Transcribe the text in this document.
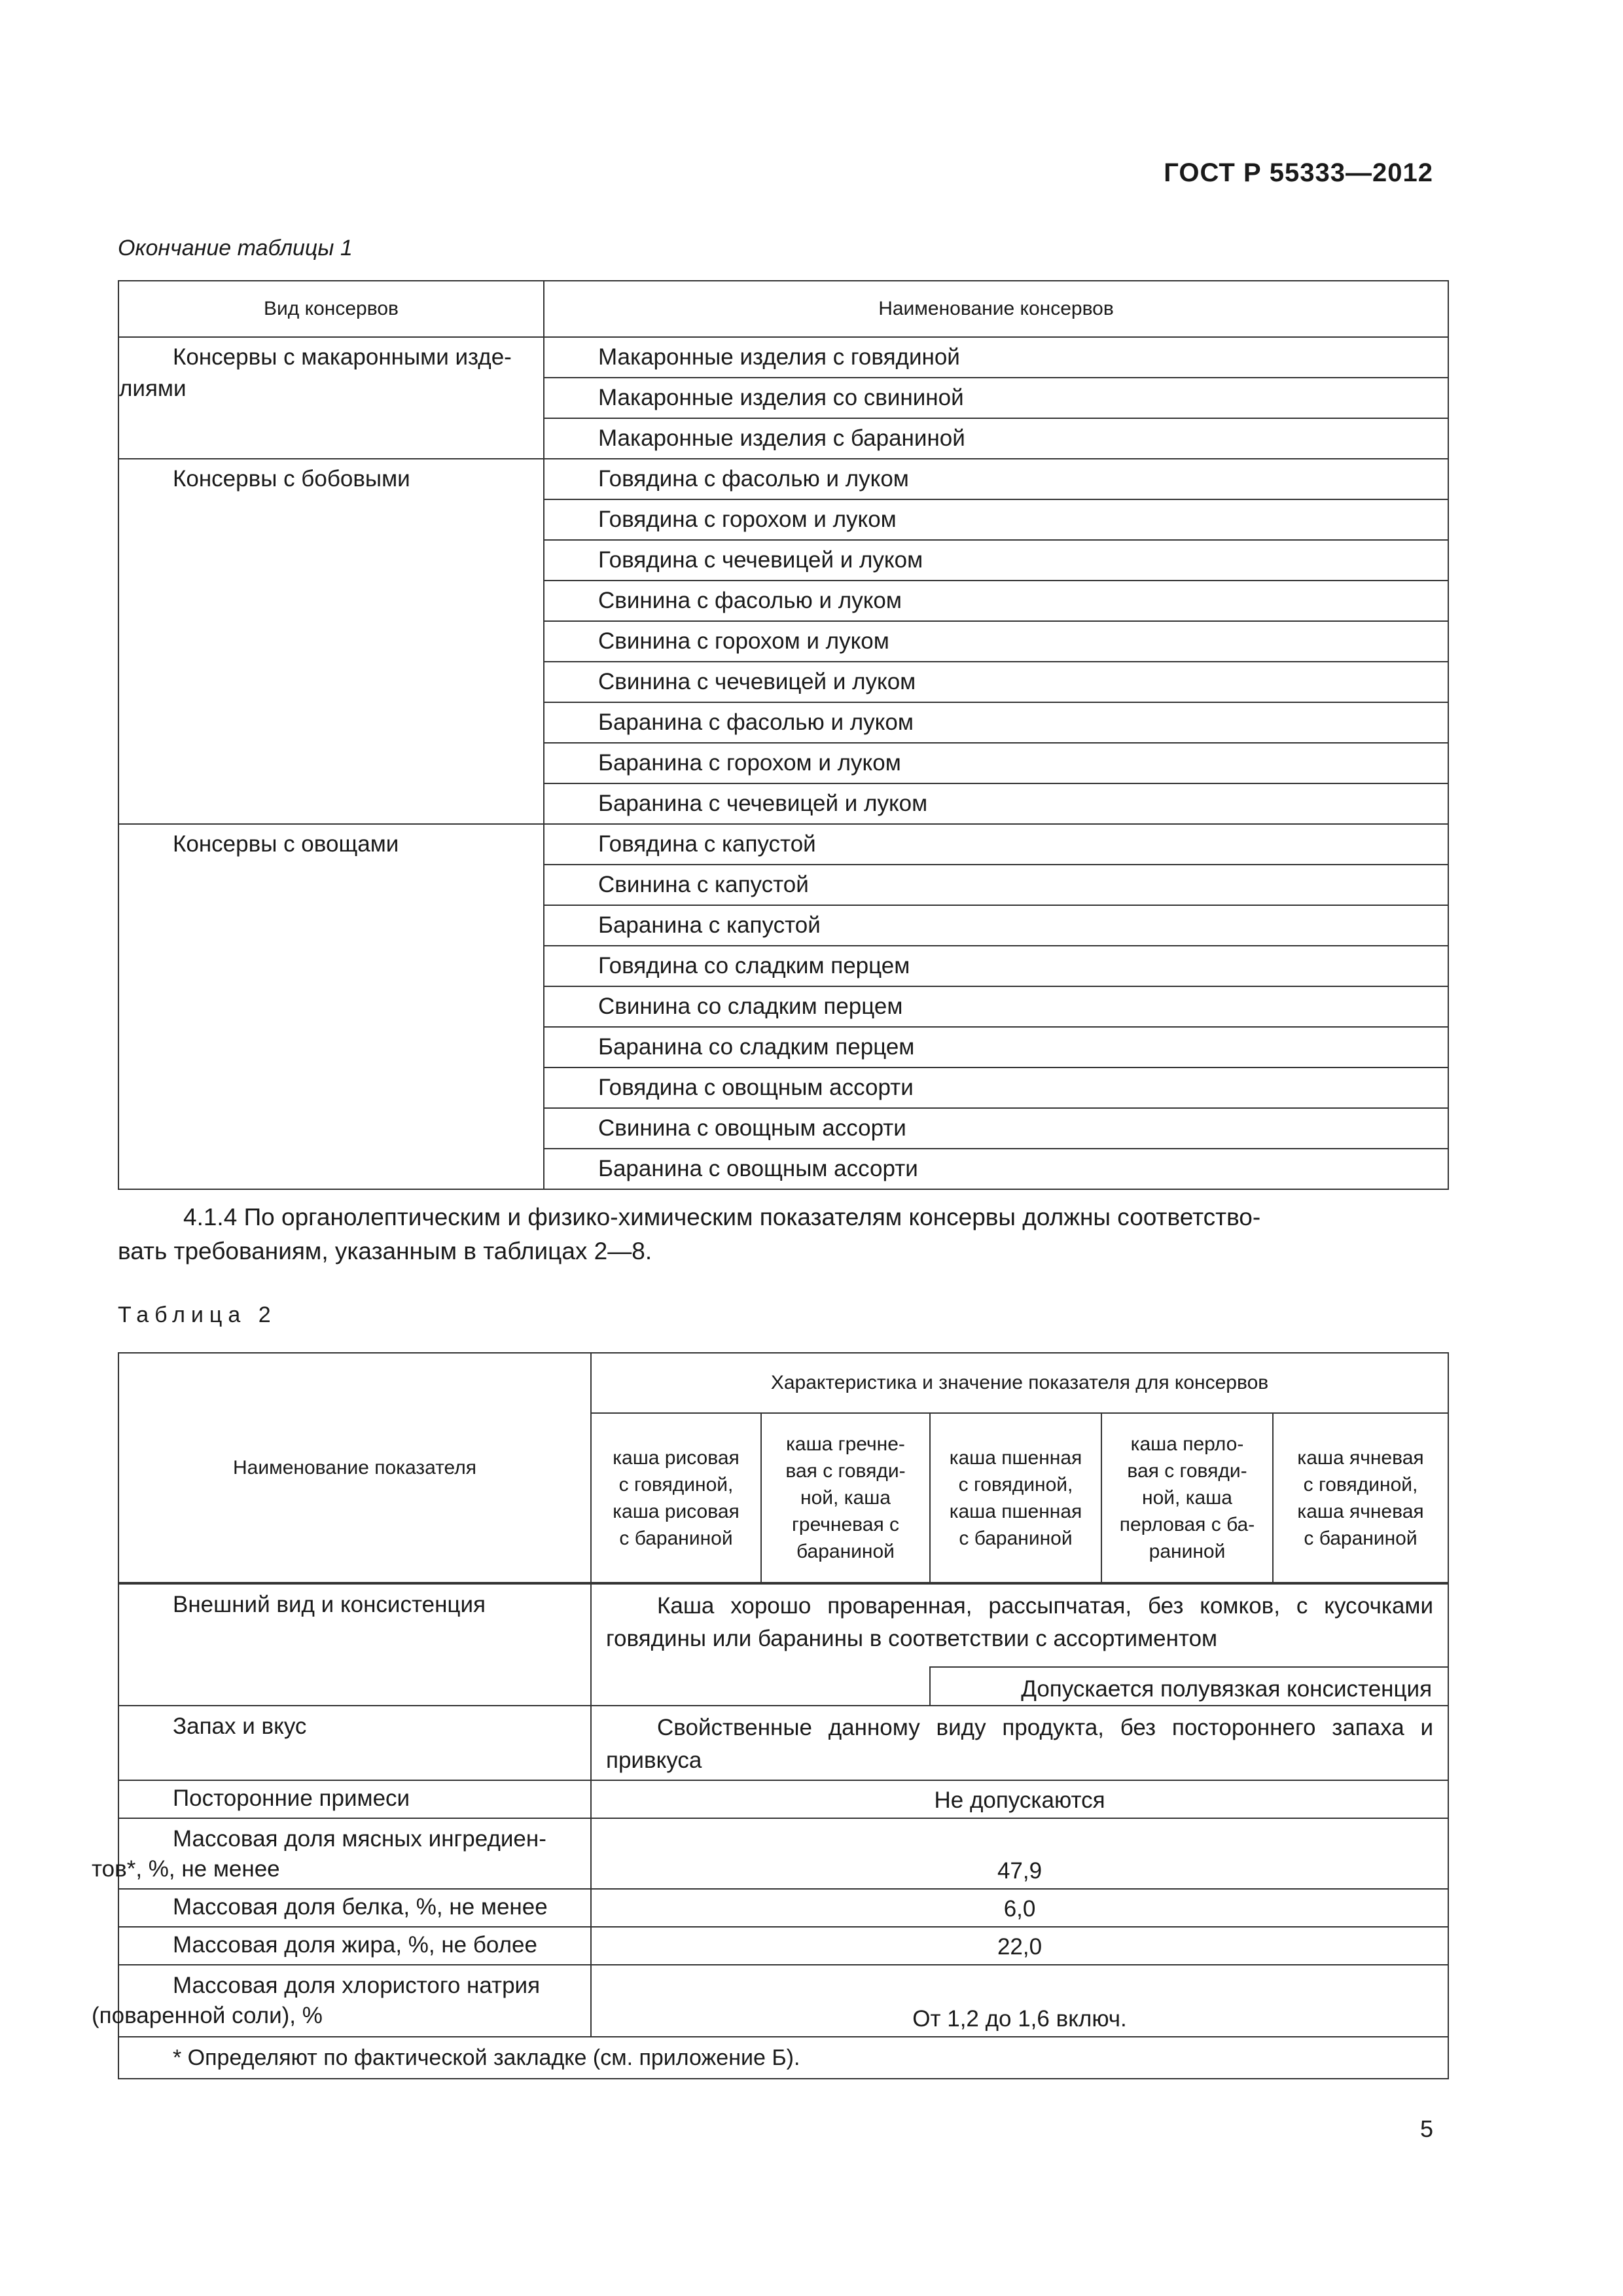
ГОСТ Р 55333—2012
Окончание таблицы 1
Вид консервов	Наименование консервов

Консервы с макаронными изде-
лиями	Макаронные изделия с говядиной
	Макаронные изделия со свининой
	Макаронные изделия с бараниной
Консервы с бобовыми	Говядина с фасолью и луком
	Говядина с горохом и луком
	Говядина с чечевицей и луком
	Свинина с фасолью и луком
	Свинина с горохом и луком
	Свинина с чечевицей и луком
	Баранина с фасолью и луком
	Баранина с горохом и луком
	Баранина с чечевицей и луком
Консервы с овощами	Говядина с капустой
	Свинина с капустой
	Баранина с капустой
	Говядина со сладким перцем
	Свинина со сладким перцем
	Баранина со сладким перцем
	Говядина с овощным ассорти
	Свинина с овощным ассорти
	Баранина с овощным ассорти
4.1.4 По органолептическим и физико-химическим показателям консервы должны соответство-
вать требованиям, указанным в таблицах 2—8.
Таблица 2
Наименование показателя	Характеристика и значение показателя для консервов				

	каша рисовая
с говядиной,
каша рисовая
с бараниной	каша гречне-
вая с говяди-
ной, каша
гречневая с
бараниной	каша пшенная
с говядиной,
каша пшенная
с бараниной	каша перло-
вая с говяди-
ной, каша
перловая с ба-
раниной	каша ячневая
с говядиной,
каша ячневая
с бараниной

Внешний вид и консистенция	Каша хорошо проваренная, рассыпчатая, без комков, с кусочками говядины или баранины в соответствии с ассортиментом				

			Допускается полувязкая консистенция		
Запах и вкус	Свойственные данному виду продукта, без постороннего запаха и привкуса				

Посторонние примеси	Не допускаются				
Массовая доля мясных ингредиен-
тов*, %, не менее	47,9				
Массовая доля белка, %, не менее	6,0				
Массовая доля жира, %, не более	22,0				
Массовая доля хлористого натрия
(поваренной соли), %	От 1,2 до 1,6 включ.				
* Определяют по фактической закладке (см. приложение Б).					
5
